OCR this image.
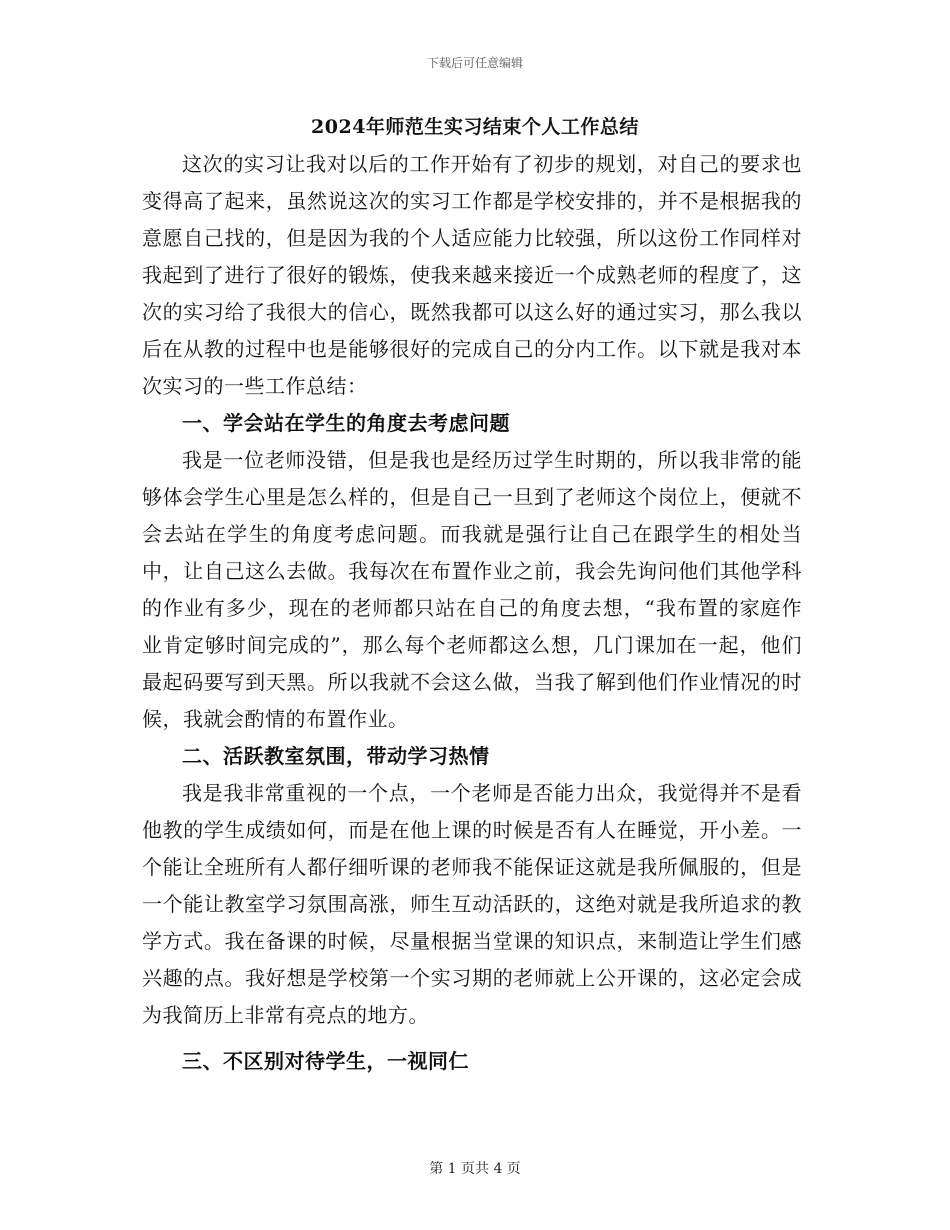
下载后可任意编辑
2024年师范生实习结束个人工作总结

这次的实习让我对以后的工作开始有了初步的规划，对自己的要求也变得高了起来，虽然说这次的实习工作都是学校安排的，并不是根据我的意愿自己找的，但是因为我的个人适应能力比较强，所以这份工作同样对我起到了进行了很好的锻炼，使我来越来接近一个成熟老师的程度了，这次的实习给了我很大的信心，既然我都可以这么好的通过实习，那么我以后在从教的过程中也是能够很好的完成自己的分内工作。以下就是我对本次实习的一些工作总结：

一、学会站在学生的角度去考虑问题

我是一位老师没错，但是我也是经历过学生时期的，所以我非常的能够体会学生心里是怎么样的，但是自己一旦到了老师这个岗位上，便就不会去站在学生的角度考虑问题。而我就是强行让自己在跟学生的相处当中，让自己这么去做。我每次在布置作业之前，我会先询问他们其他学科的作业有多少，现在的老师都只站在自己的角度去想，“我布置的家庭作业肯定够时间完成的”，那么每个老师都这么想，几门课加在一起，他们最起码要写到天黑。所以我就不会这么做，当我了解到他们作业情况的时候，我就会酌情的布置作业。

二、活跃教室氛围，带动学习热情

我是我非常重视的一个点，一个老师是否能力出众，我觉得并不是看他教的学生成绩如何，而是在他上课的时候是否有人在睡觉，开小差。一个能让全班所有人都仔细听课的老师我不能保证这就是我所佩服的，但是一个能让教室学习氛围高涨，师生互动活跃的，这绝对就是我所追求的教学方式。我在备课的时候，尽量根据当堂课的知识点，来制造让学生们感兴趣的点。我好想是学校第一个实习期的老师就上公开课的，这必定会成为我简历上非常有亮点的地方。

三、不区别对待学生，一视同仁

第 1 页共 4 页
